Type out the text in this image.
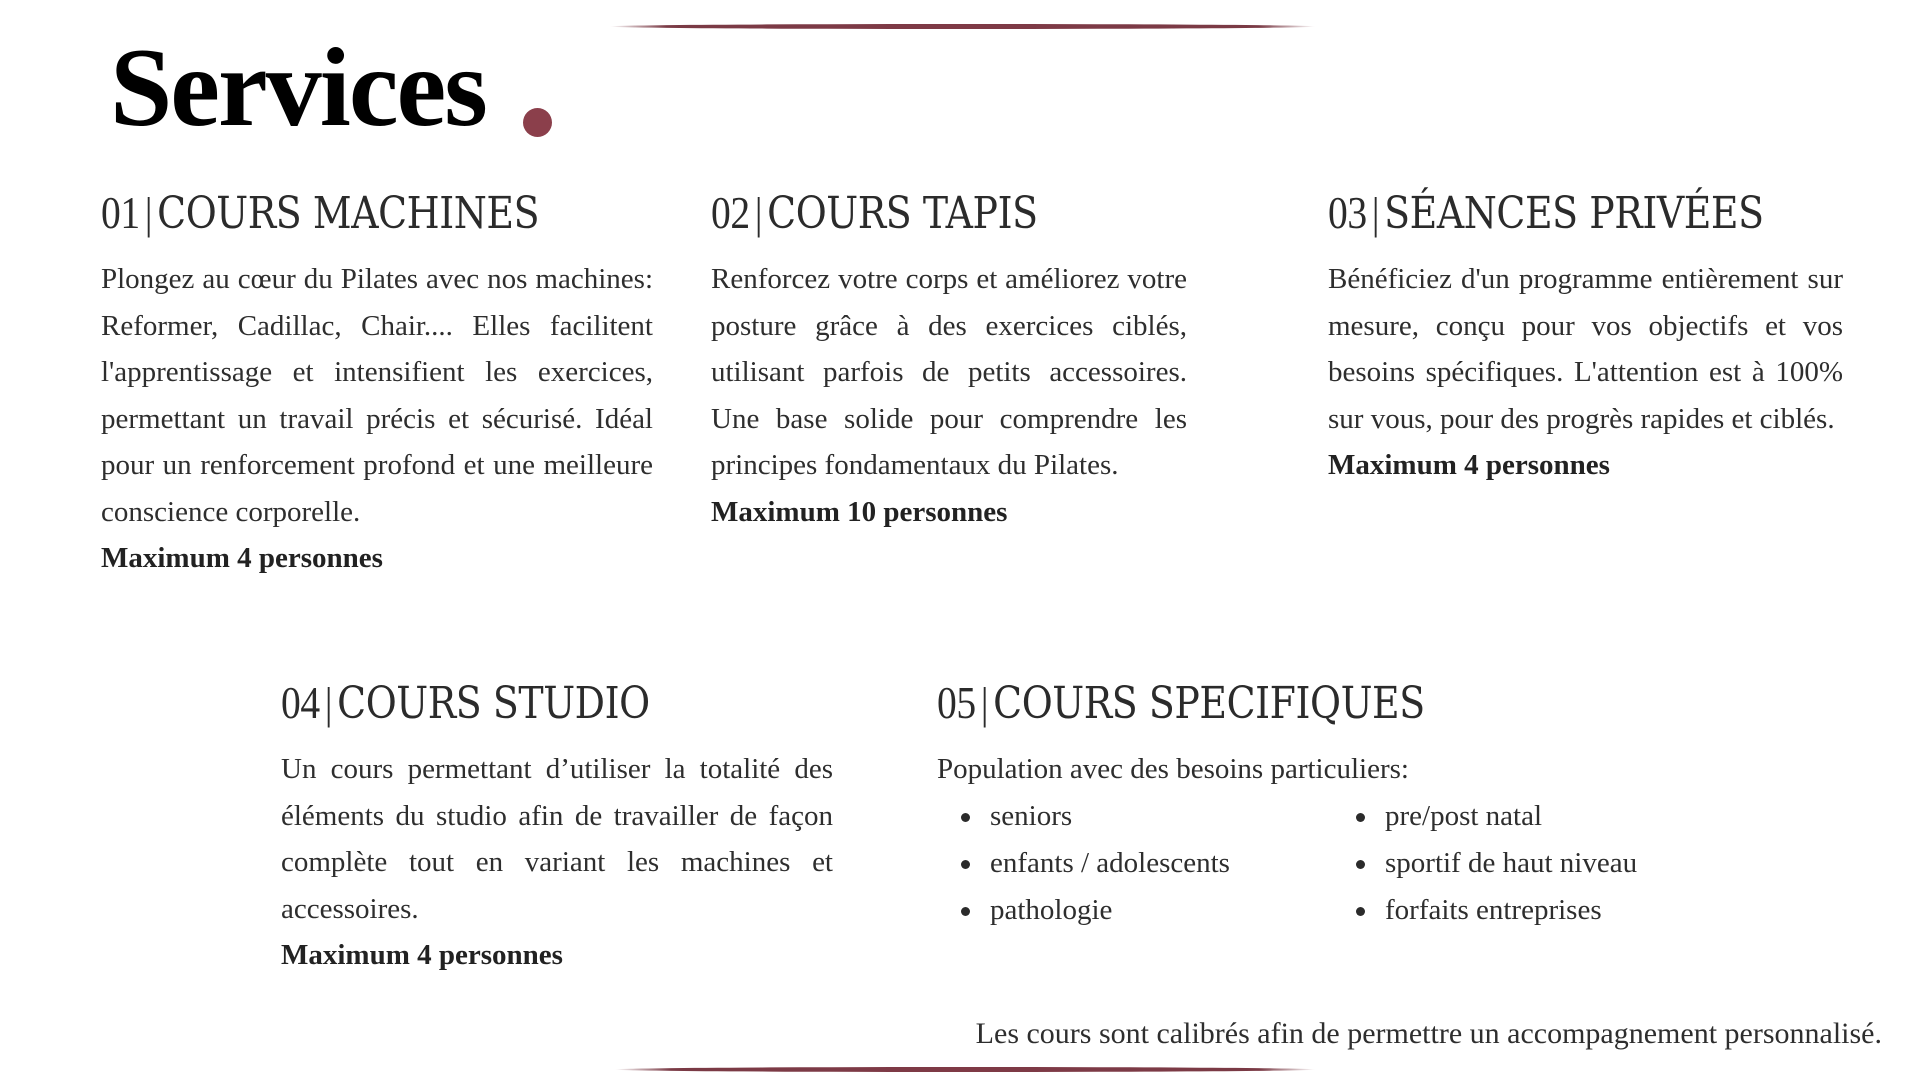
Services
01 | COURS MACHINES

Plongez au cœur du Pilates avec nos machines: Reformer, Cadillac, Chair.... Elles facilitent l'apprentissage et intensifient les exercices, permettant un travail précis et sécurisé. Idéal pour un renforcement profond et une meilleure conscience corporelle.

Maximum 4 personnes

02 | COURS TAPIS

Renforcez votre corps et améliorez votre posture grâce à des exercices ciblés, utilisant parfois de petits accessoires. Une base solide pour comprendre les principes fondamentaux du Pilates.

Maximum 10 personnes

03 | SÉANCES PRIVÉES

Bénéficiez d'un programme entièrement sur mesure, conçu pour vos objectifs et vos besoins spécifiques. L'attention est à 100% sur vous, pour des progrès rapides et ciblés.

Maximum 4 personnes

04 | COURS STUDIO

Un cours permettant d’utiliser la totalité des éléments du studio afin de travailler de façon complète tout en variant les machines et accessoires.

Maximum 4 personnes

05 | COURS SPECIFIQUES

Population avec des besoins particuliers:

seniors
enfants / adolescents
pathologie
pre/post natal
sportif de haut niveau
forfaits entreprises

Les cours sont calibrés afin de permettre un accompagnement personnalisé.
